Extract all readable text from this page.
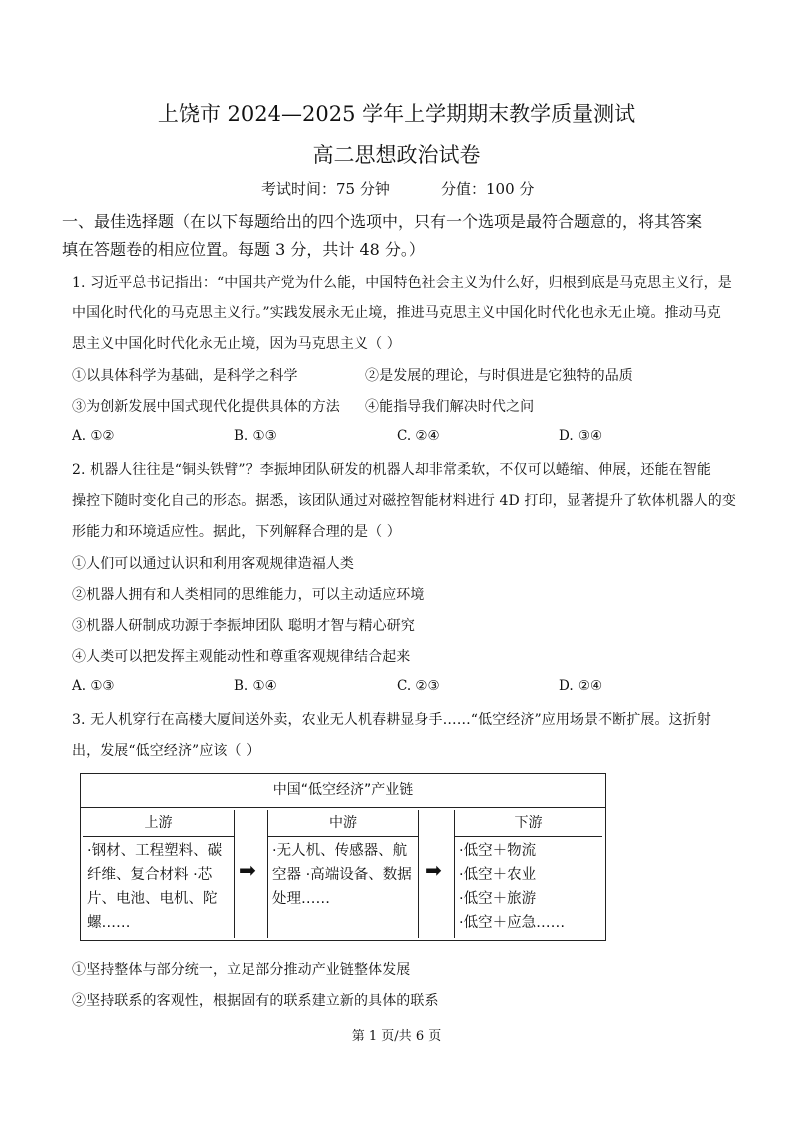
上饶市 2024—2025 学年上学期期末教学质量测试
高二思想政治试卷
考试时间：75 分钟	分值：100 分
一、最佳选择题（在以下每题给出的四个选项中，只有一个选项是最符合题意的，将其答案
填在答题卷的相应位置。每题 3 分，共计 48 分。）
1. 习近平总书记指出：“中国共产党为什么能，中国特色社会主义为什么好，归根到底是马克思主义行，是
中国化时代化的马克思主义行。”实践发展永无止境，推进马克思主义中国化时代化也永无止境。推动马克
思主义中国化时代化永无止境，因为马克思主义（ ）
①以具体科学为基础，是科学之科学	②是发展的理论，与时俱进是它独特的品质
③为创新发展中国式现代化提供具体的方法 ④能指导我们解决时代之问
A. ①②	B. ①③	C. ②④	D. ③④
2. 机器人往往是“铜头铁臂”？李振坤团队研发的机器人却非常柔软，不仅可以蜷缩、伸展，还能在智能
操控下随时变化自己的形态。据悉，该团队通过对磁控智能材料进行 4D 打印，显著提升了软体机器人的变
形能力和环境适应性。据此，下列解释合理的是（ ）
①人们可以通过认识和利用客观规律造福人类
②机器人拥有和人类相同的思维能力，可以主动适应环境
③机器人研制成功源于李振坤团队 聪明才智与精心研究
④人类可以把发挥主观能动性和尊重客观规律结合起来
A. ①③	B. ①④	C. ②③	D. ②④
3. 无人机穿行在高楼大厦间送外卖，农业无人机春耕显身手……“低空经济”应用场景不断扩展。这折射
出，发展“低空经济”应该（ ）
中国“低空经济”产业链
上游
·钢材、工程塑料、碳纤维、复合材料 ·芯片、电池、电机、陀螺……
➡
中游
·无人机、传感器、航空器 ·高端设备、数据处理……
➡
下游
·低空＋物流
·低空＋农业
·低空＋旅游
·低空＋应急……
①坚持整体与部分统一，立足部分推动产业链整体发展
②坚持联系的客观性，根据固有的联系建立新的具体的联系
第 1 页/共 6 页
